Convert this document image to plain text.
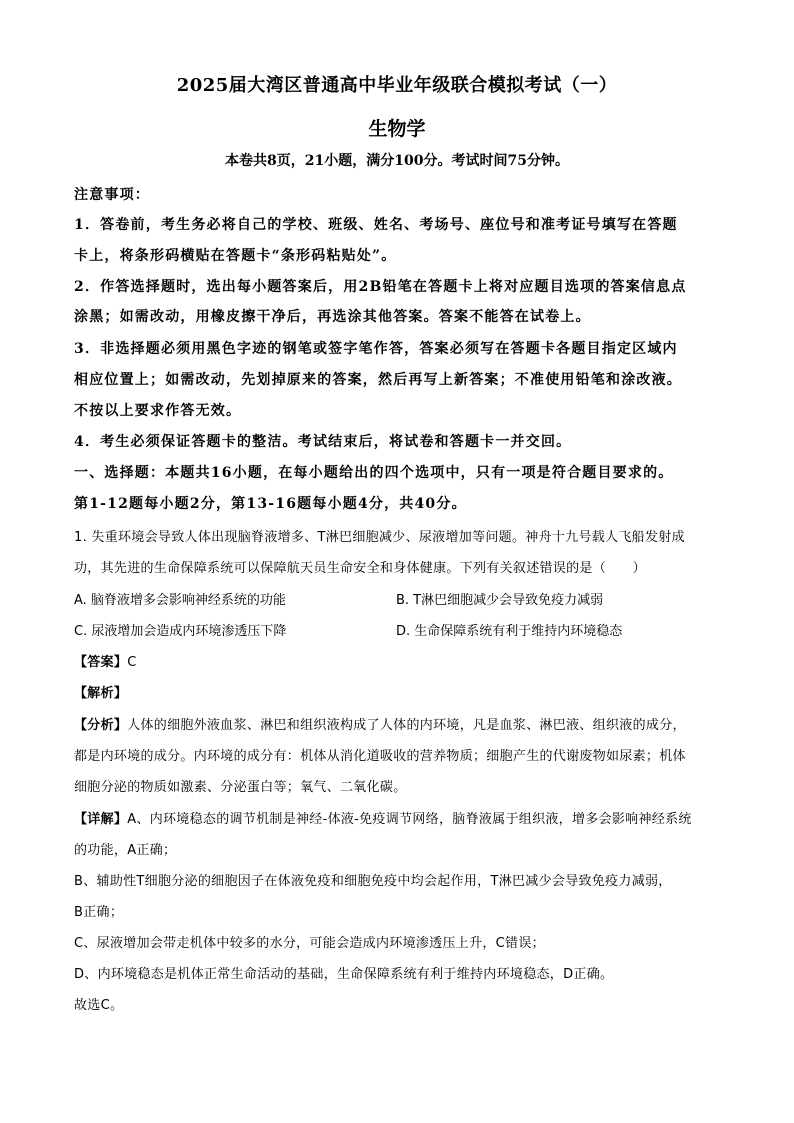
2025届大湾区普通高中毕业年级联合模拟考试（一）
生物学
本卷共8页，21小题，满分100分。考试时间75分钟。
注意事项：
1．答卷前，考生务必将自己的学校、班级、姓名、考场号、座位号和准考证号填写在答题
卡上，将条形码横贴在答题卡“条形码粘贴处”。
2．作答选择题时，选出每小题答案后，用2B铅笔在答题卡上将对应题目选项的答案信息点
涂黑；如需改动，用橡皮擦干净后，再选涂其他答案。答案不能答在试卷上。
3．非选择题必须用黑色字迹的钢笔或签字笔作答，答案必须写在答题卡各题目指定区域内
相应位置上；如需改动，先划掉原来的答案，然后再写上新答案；不准使用铅笔和涂改液。
不按以上要求作答无效。
4．考生必须保证答题卡的整洁。考试结束后，将试卷和答题卡一并交回。
一、选择题：本题共16小题，在每小题给出的四个选项中，只有一项是符合题目要求的。
第1-12题每小题2分，第13-16题每小题4分，共40分。
1. 失重环境会导致人体出现脑脊液增多、T淋巴细胞减少、尿液增加等问题。神舟十九号载人飞船发射成
功，其先进的生命保障系统可以保障航天员生命安全和身体健康。下列有关叙述错误的是（　　）
A. 脑脊液增多会影响神经系统的功能	B. T淋巴细胞减少会导致免疫力减弱
C. 尿液增加会造成内环境渗透压下降	D. 生命保障系统有利于维持内环境稳态
【答案】C
【解析】
【分析】人体的细胞外液血浆、淋巴和组织液构成了人体的内环境，凡是血浆、淋巴液、组织液的成分，
都是内环境的成分。内环境的成分有：机体从消化道吸收的营养物质；细胞产生的代谢废物如尿素；机体
细胞分泌的物质如激素、分泌蛋白等；氧气、二氧化碳。
【详解】A、内环境稳态的调节机制是神经-体液-免疫调节网络，脑脊液属于组织液，增多会影响神经系统
的功能，A正确；
B、辅助性T细胞分泌的细胞因子在体液免疫和细胞免疫中均会起作用，T淋巴减少会导致免疫力减弱，
B正确；
C、尿液增加会带走机体中较多的水分，可能会造成内环境渗透压上升，C错误；
D、内环境稳态是机体正常生命活动的基础，生命保障系统有利于维持内环境稳态，D正确。
故选C。
